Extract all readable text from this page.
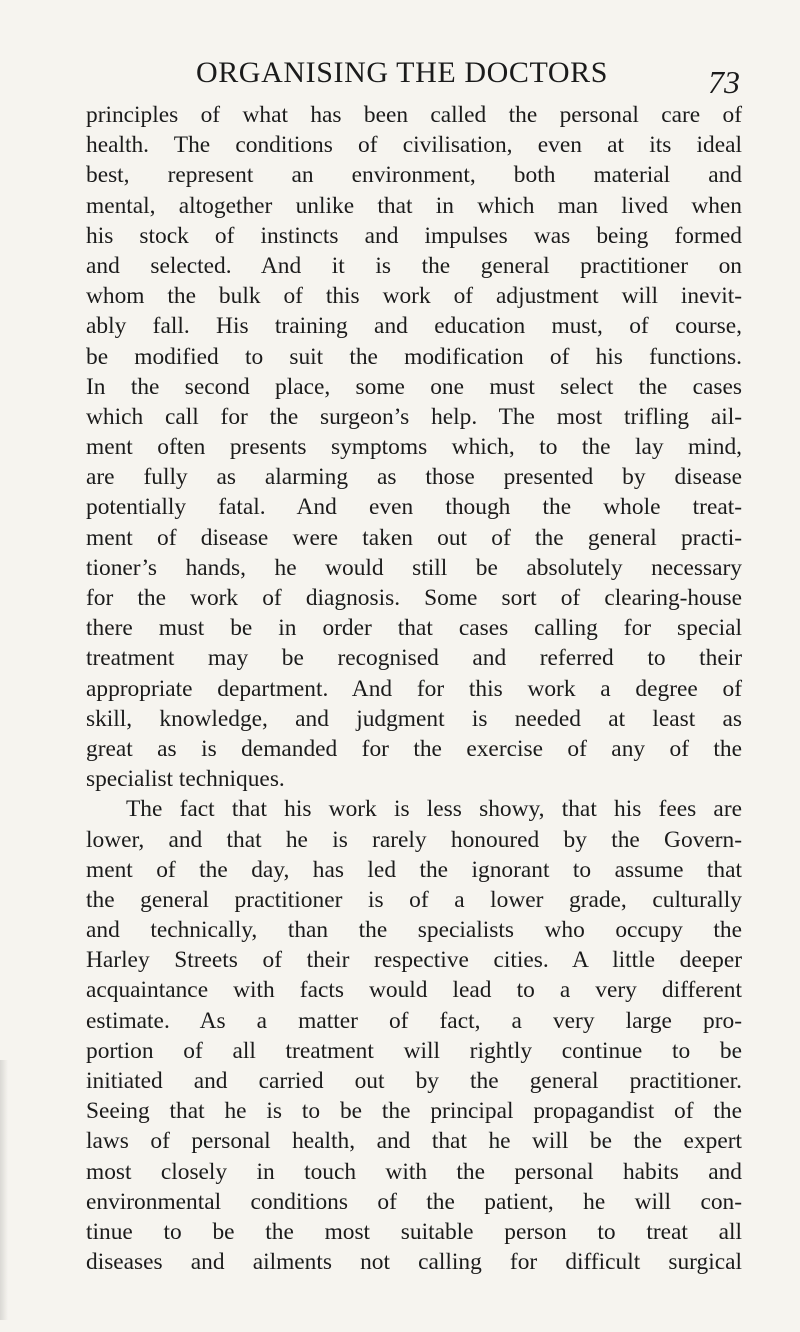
ORGANISING THE DOCTORS	73
principles of what has been called the personal care of
health. The conditions of civilisation, even at its ideal
best, represent an environment, both material and
mental, altogether unlike that in which man lived when
his stock of instincts and impulses was being formed
and selected. And it is the general practitioner on
whom the bulk of this work of adjustment will inevit-
ably fall. His training and education must, of course,
be modified to suit the modification of his functions.
In the second place, some one must select the cases
which call for the surgeon’s help. The most trifling ail-
ment often presents symptoms which, to the lay mind,
are fully as alarming as those presented by disease
potentially fatal. And even though the whole treat-
ment of disease were taken out of the general practi-
tioner’s hands, he would still be absolutely necessary
for the work of diagnosis. Some sort of clearing-house
there must be in order that cases calling for special
treatment may be recognised and referred to their
appropriate department. And for this work a degree of
skill, knowledge, and judgment is needed at least as
great as is demanded for the exercise of any of the
specialist techniques.
The fact that his work is less showy, that his fees are
lower, and that he is rarely honoured by the Govern-
ment of the day, has led the ignorant to assume that
the general practitioner is of a lower grade, culturally
and technically, than the specialists who occupy the
Harley Streets of their respective cities. A little deeper
acquaintance with facts would lead to a very different
estimate. As a matter of fact, a very large pro-
portion of all treatment will rightly continue to be
initiated and carried out by the general practitioner.
Seeing that he is to be the principal propagandist of the
laws of personal health, and that he will be the expert
most closely in touch with the personal habits and
environmental conditions of the patient, he will con-
tinue to be the most suitable person to treat all
diseases and ailments not calling for difficult surgical
